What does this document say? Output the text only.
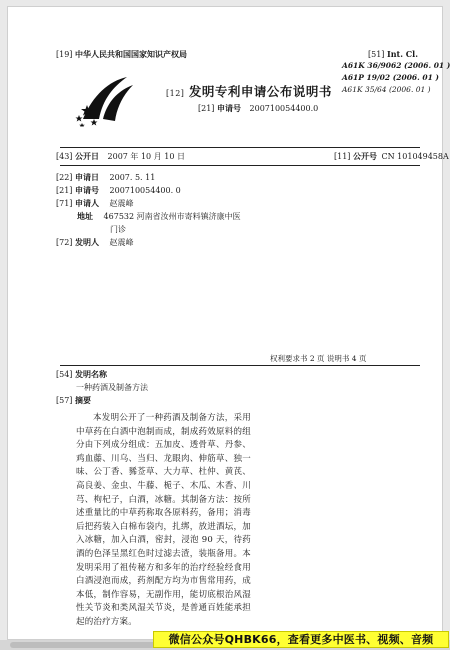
[19] 中华人民共和国国家知识产权局
[12] 发明专利申请公布说明书
[21] 申请号 200710054400.0
[51] Int. Cl.
A61K 36/9062 (2006. 01 )
A61P 19/02 (2006. 01 )
A61K 35/64 (2006. 01 )
[43] 公开日 2007 年 10 月 10 日	[11] 公开号 CN 101049458A
[22] 申请日 2007. 5. 11
[21] 申请号 200710054400. 0
[71] 申请人 赵震峰
地址 467532 河南省汝州市寄料镇济康中医
门诊
[72] 发明人 赵震峰
权利要求书 2 页 说明书 4 页
[54] 发明名称
一种药酒及制备方法
[57] 摘要
本发明公开了一种药酒及制备方法，采用中草药在白酒中泡制而成，制成药效原料的组分由下列成分组成：五加皮、透骨草、丹参、鸡血藤、川乌、当归、龙眼肉、伸筋草、独一味、公丁香、豨莶草、大力草、杜仲、黄芪、高良姜、金虫、牛藤、栀子、木瓜、木香、川芎、枸杞子，白酒，冰糖。其制备方法：按所述重量比的中草药称取各原料药，备用；消毒后把药装入白棉布袋内，扎绑，放进酒坛，加入冰糖，加入白酒，密封，浸泡 90 天，待药酒的色泽呈黑红色时过滤去渣，装瓶备用。本发明采用了祖传秘方和多年的治疗经验经食用白酒浸泡而成，药剂配方均为市售常用药，成本低，制作容易，无副作用，能切底根治风湿性关节炎和类风湿关节炎，是普通百姓能承担起的治疗方案。
微信公众号QHBK66，查看更多中医书、视频、音频
